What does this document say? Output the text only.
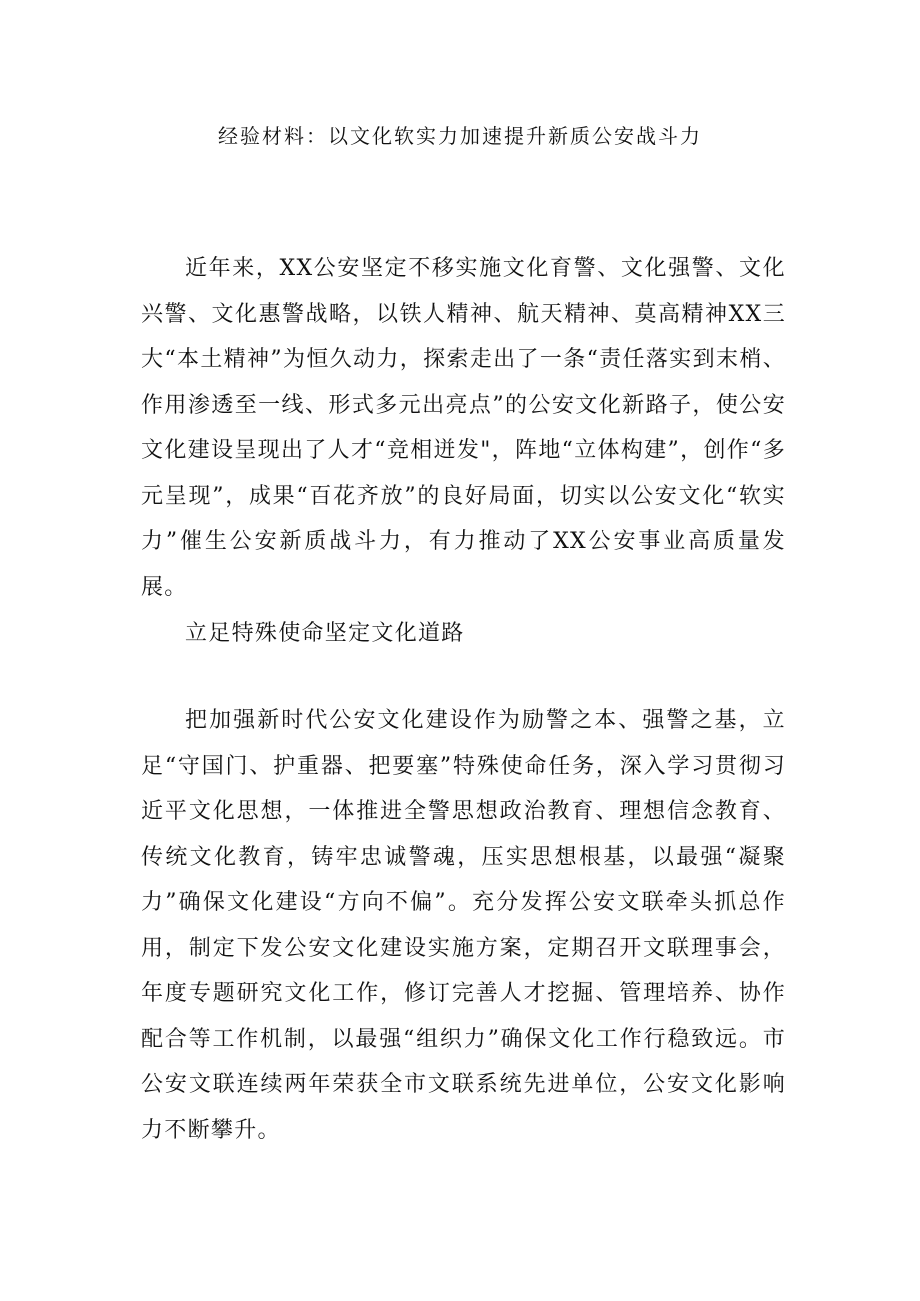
经验材料：以文化软实力加速提升新质公安战斗力

近年来，XX公安坚定不移实施文化育警、文化强警、文化兴警、文化惠警战略，以铁人精神、航天精神、莫高精神XX三大“本土精神”为恒久动力，探索走出了一条“责任落实到末梢、作用渗透至一线、形式多元出亮点”的公安文化新路子，使公安文化建设呈现出了人才“竞相迸发"，阵地“立体构建”，创作“多元呈现”，成果“百花齐放”的良好局面，切实以公安文化“软实力”催生公安新质战斗力，有力推动了XX公安事业高质量发展。

立足特殊使命坚定文化道路

把加强新时代公安文化建设作为励警之本、强警之基，立足“守国门、护重器、把要塞”特殊使命任务，深入学习贯彻习近平文化思想，一体推进全警思想政治教育、理想信念教育、传统文化教育，铸牢忠诚警魂，压实思想根基，以最强“凝聚力”确保文化建设“方向不偏”。充分发挥公安文联牵头抓总作用，制定下发公安文化建设实施方案，定期召开文联理事会，年度专题研究文化工作，修订完善人才挖掘、管理培养、协作配合等工作机制，以最强“组织力”确保文化工作行稳致远。市公安文联连续两年荣获全市文联系统先进单位，公安文化影响力不断攀升。
